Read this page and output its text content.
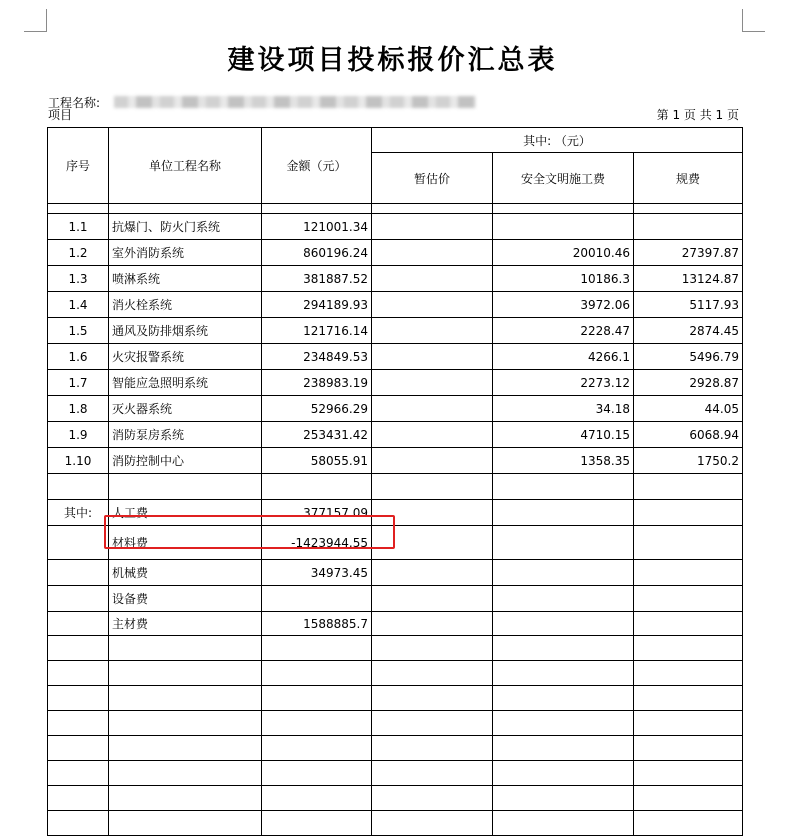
建设项目投标报价汇总表
工程名称:
项目	第 1 页 共 1 页
序号	单位工程名称	金额（元）	其中: （元）		
			暂估价	安全文明施工费	规费

1.1	抗爆门、防火门系统	121001.34			
1.2	室外消防系统	860196.24		20010.46	27397.87
1.3	喷淋系统	381887.52		10186.3	13124.87
1.4	消火栓系统	294189.93		3972.06	5117.93
1.5	通风及防排烟系统	121716.14		2228.47	2874.45
1.6	火灾报警系统	234849.53		4266.1	5496.79
1.7	智能应急照明系统	238983.19		2273.12	2928.87
1.8	灭火器系统	52966.29		34.18	44.05
1.9	消防泵房系统	253431.42		4710.15	6068.94
1.10	消防控制中心	58055.91		1358.35	1750.2

其中:	人工费	377157.09			
	材料费	-1423944.55			
	机械费	34973.45			
	设备费				
	主材费	1588885.7			
